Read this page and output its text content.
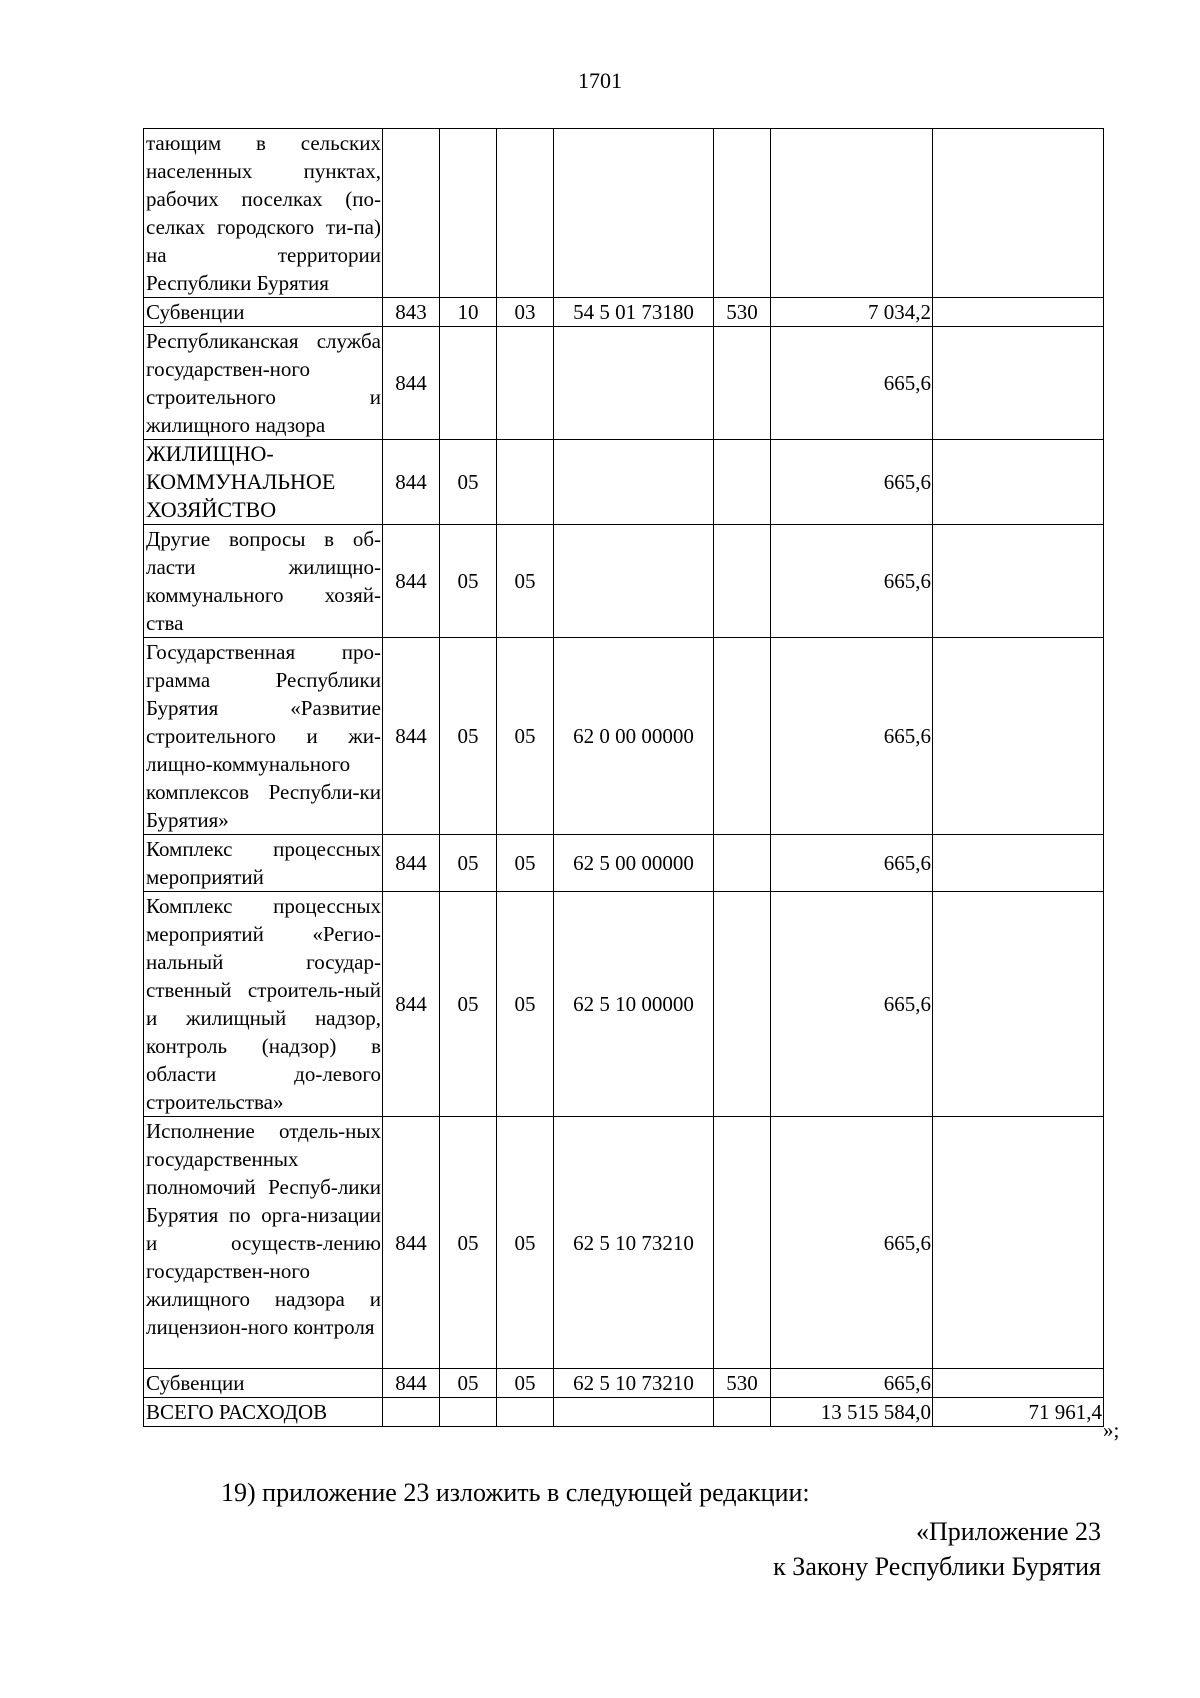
1701
тающим в сельских населенных пунктах, рабочих поселках (по-селках городского ти-па) на территории Республики Бурятия							
Субвенции	843	10	03	54 5 01 73180	530	7 034,2	
Республиканская служба государствен-ного строительного и жилищного надзора	844					665,6	
ЖИЛИЩНО-КОММУНАЛЬНОЕ ХОЗЯЙСТВО	844	05				665,6	
Другие вопросы в об-ласти жилищно-коммунального хозяй-ства	844	05	05			665,6	
Государственная про-грамма Республики Бурятия «Развитие строительного и жи-лищно-коммунального комплексов Республи-ки Бурятия»	844	05	05	62 0 00 00000		665,6	
Комплекс процессных мероприятий	844	05	05	62 5 00 00000		665,6	
Комплекс процессных мероприятий «Регио-нальный государ-ственный строитель-ный и жилищный надзор, контроль (надзор) в области до-левого строительства»	844	05	05	62 5 10 00000		665,6	
Исполнение отдель-ных государственных полномочий Респуб-лики Бурятия по орга-низации и осуществ-лению государствен-ного жилищного надзора и лицензион-ного контроля	844	05	05	62 5 10 73210		665,6	
Субвенции	844	05	05	62 5 10 73210	530	665,6	
ВСЕГО РАСХОДОВ						13 515 584,0	71 961,4
»;
19) приложение 23 изложить в следующей редакции:
«Приложение 23
к Закону Республики Бурятия
